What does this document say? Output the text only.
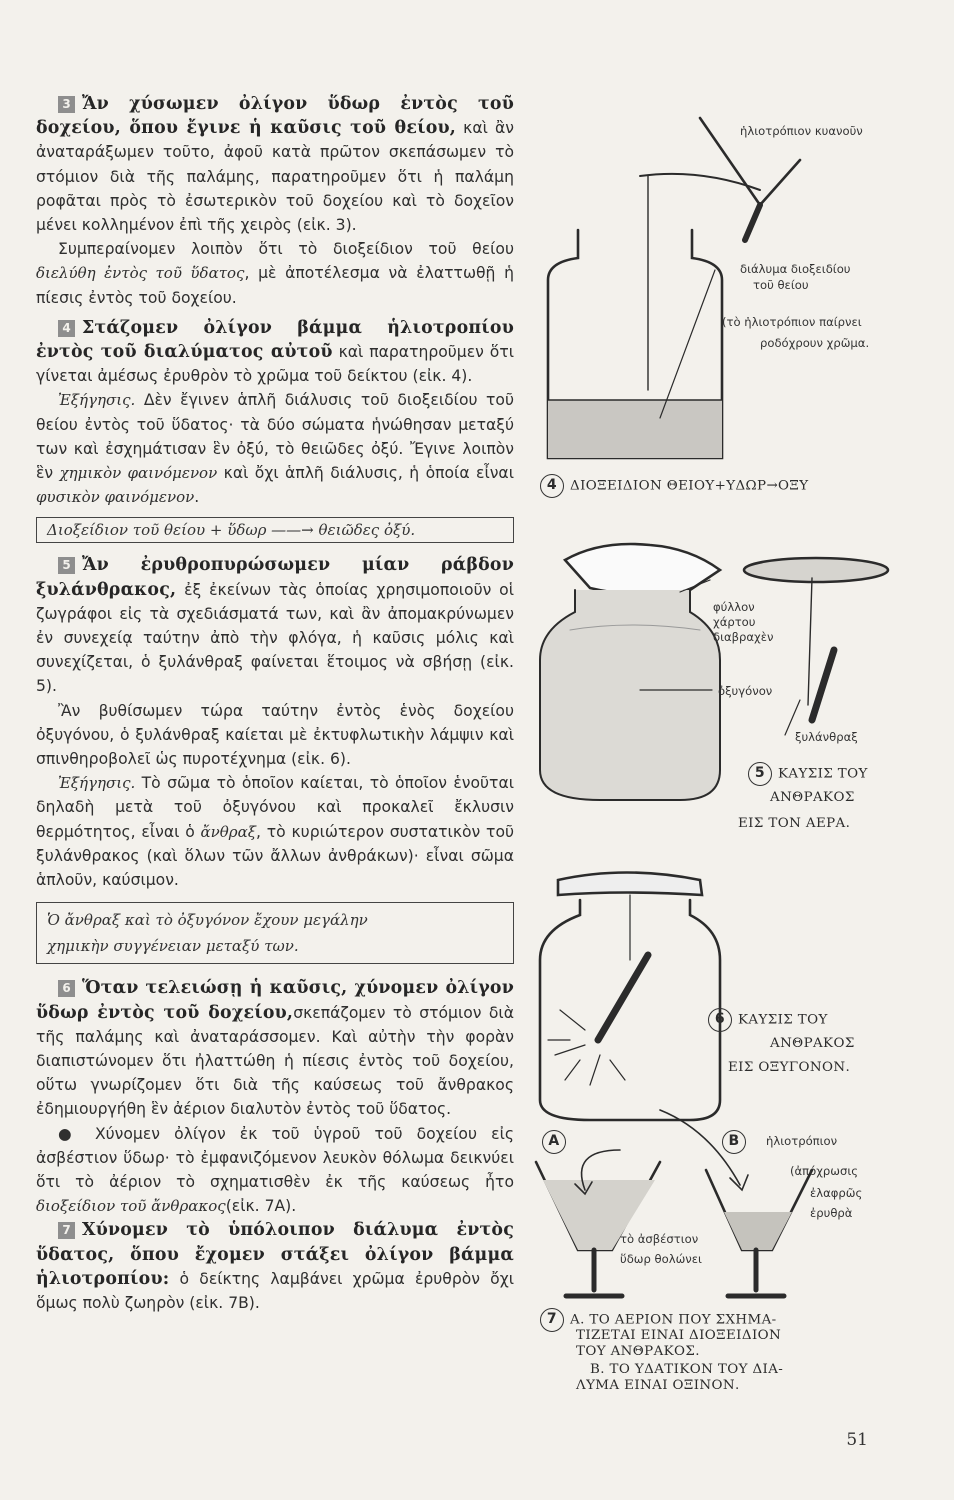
3 Ἄν χύσωμεν ὀλίγον ὕδωρ ἐντὸς τοῦ δοχείου, ὅπου ἔγινε ἡ καῦσις τοῦ θείου, καὶ ἂν ἀναταράξωμεν τοῦτο, ἀφοῦ κατὰ πρῶτον σκεπάσωμεν τὸ στόμιον διὰ τῆς παλάμης, παρατηροῦμεν ὅτι ἡ παλάμη ροφᾶται πρὸς τὸ ἐσωτερικὸν τοῦ δοχείου καὶ τὸ δοχεῖον μένει κολλημένον ἐπὶ τῆς χειρὸς (εἰκ. 3).

Συμπεραίνομεν λοιπὸν ὅτι τὸ διοξείδιον τοῦ θείου διελύθη ἐντὸς τοῦ ὕδατος, μὲ ἀποτέλεσμα νὰ ἐλαττωθῇ ἡ πίεσις ἐντὸς τοῦ δοχείου.

4 Στάζομεν ὀλίγον βάμμα ἡλιοτροπίου ἐντὸς τοῦ διαλύματος αὐτοῦ καὶ παρατηροῦμεν ὅτι γίνεται ἀμέσως ἐρυθρὸν τὸ χρῶμα τοῦ δείκτου (εἰκ. 4).

Ἐξήγησις. Δὲν ἔγινεν ἁπλῆ διάλυσις τοῦ διοξειδίου τοῦ θείου ἐντὸς τοῦ ὕδατος· τὰ δύο σώματα ἡνώθησαν μεταξύ των καὶ ἐσχημάτισαν ἓν ὀξύ, τὸ θειῶδες ὀξύ. Ἔγινε λοιπὸν ἓν χημικὸν φαινόμενον καὶ ὄχι ἁπλῆ διάλυσις, ἡ ὁποία εἶναι φυσικὸν φαινόμενον.

Διοξείδιον τοῦ θείου + ὕδωρ ——→ θειῶδες ὀξύ.

5 Ἄν ἐρυθροπυρώσωμεν μίαν ράβδον ξυλάνθρακος, ἐξ ἐκείνων τὰς ὁποίας χρησιμοποιοῦν οἱ ζωγράφοι εἰς τὰ σχεδιάσματά των, καὶ ἂν ἀπομακρύνωμεν ἐν συνεχείᾳ ταύτην ἀπὸ τὴν φλόγα, ἡ καῦσις μόλις καὶ συνεχίζεται, ὁ ξυλάνθραξ φαίνεται ἕτοιμος νὰ σβήσῃ (εἰκ. 5).

Ἂν βυθίσωμεν τώρα ταύτην ἐντὸς ἑνὸς δοχείου ὀξυγόνου, ὁ ξυλάνθραξ καίεται μὲ ἐκτυφλωτικὴν λάμψιν καὶ σπινθηροβολεῖ ὡς πυροτέχνημα (εἰκ. 6).

Ἐξήγησις. Τὸ σῶμα τὸ ὁποῖον καίεται, τὸ ὁποῖον ἑνοῦται δηλαδὴ μετὰ τοῦ ὀξυγόνου καὶ προκαλεῖ ἔκλυσιν θερμότητος, εἶναι ὁ ἄνθραξ, τὸ κυριώτερον συστατικὸν τοῦ ξυλάνθρακος (καὶ ὅλων τῶν ἄλλων ἀνθράκων)· εἶναι σῶμα ἁπλοῦν, καύσιμον.

Ὁ ἄνθραξ καὶ τὸ ὀξυγόνον ἔχουν μεγάλην
χημικὴν συγγένειαν μεταξύ των.

6 Ὅταν τελειώσῃ ἡ καῦσις, χύνομεν ὀλίγον ὕδωρ ἐντὸς τοῦ δοχείου,σκεπάζομεν τὸ στόμιον διὰ τῆς παλάμης καὶ ἀναταράσσομεν. Καὶ αὐτὴν τὴν φορὰν διαπιστώνομεν ὅτι ἠλαττώθη ἡ πίεσις ἐντὸς τοῦ δοχείου, οὕτω γνωρίζομεν ὅτι διὰ τῆς καύσεως τοῦ ἄνθρακος ἐδημιουργήθη ἓν ἀέριον διαλυτὸν ἐντὸς τοῦ ὕδατος.

● Χύνομεν ὀλίγον ἐκ τοῦ ὑγροῦ τοῦ δοχείου εἰς ἀσβέστιον ὕδωρ· τὸ ἐμφανιζόμενον λευκὸν θόλωμα δεικνύει ὅτι τὸ ἀέριον τὸ σχηματισθὲν ἐκ τῆς καύσεως ἦτο διοξείδιον τοῦ ἄνθρακος(εἰκ. 7Α).

7 Χύνομεν τὸ ὑπόλοιπον διάλυμα ἐντὸς ὕδατος, ὅπου ἔχομεν στάξει ὀλίγον βάμμα ἡλιοτροπίου: ὁ δείκτης λαμβάνει χρῶμα ἐρυθρὸν ὄχι ὅμως πολὺ ζωηρὸν (εἰκ. 7Β).

ἡλιοτρόπιον κυανοῦν
διάλυμα διοξειδίου
τοῦ θείου
(τὸ ἡλιοτρόπιον παίρνει
ροδόχρουν χρῶμα.
4 ΔΙΟΞΕΙΔΙΟΝ ΘΕΙΟΥ+ΥΔΩΡ→ΟΞΥ
φύλλον
χάρτου
διαβραχὲν
ὀξυγόνον
ξυλάνθραξ
5 ΚΑΥΣΙΣ ΤΟΥ
ΑΝΘΡΑΚΟΣ
ΕΙΣ ΤΟΝ ΑΕΡΑ.
6 ΚΑΥΣΙΣ ΤΟΥ
ΑΝΘΡΑΚΟΣ
ΕΙΣ ΟΞΥΓΟΝΟΝ.
A	B	ἡλιοτρόπιον
(ἀπόχρωσις
ἐλαφρῶς
ἐρυθρὰ
τὸ ἀσβέστιον
ὕδωρ θολώνει
7 Α. ΤΟ ΑΕΡΙΟΝ ΠΟΥ ΣΧΗΜΑ-
ΤΙΖΕΤΑΙ ΕΙΝΑΙ ΔΙΟΞΕΙΔΙΟΝ
ΤΟΥ ΑΝΘΡΑΚΟΣ.
Β. ΤΟ ΥΔΑΤΙΚΟΝ ΤΟΥ ΔΙΑ-
ΛΥΜΑ ΕΙΝΑΙ ΟΞΙΝΟΝ.
51
